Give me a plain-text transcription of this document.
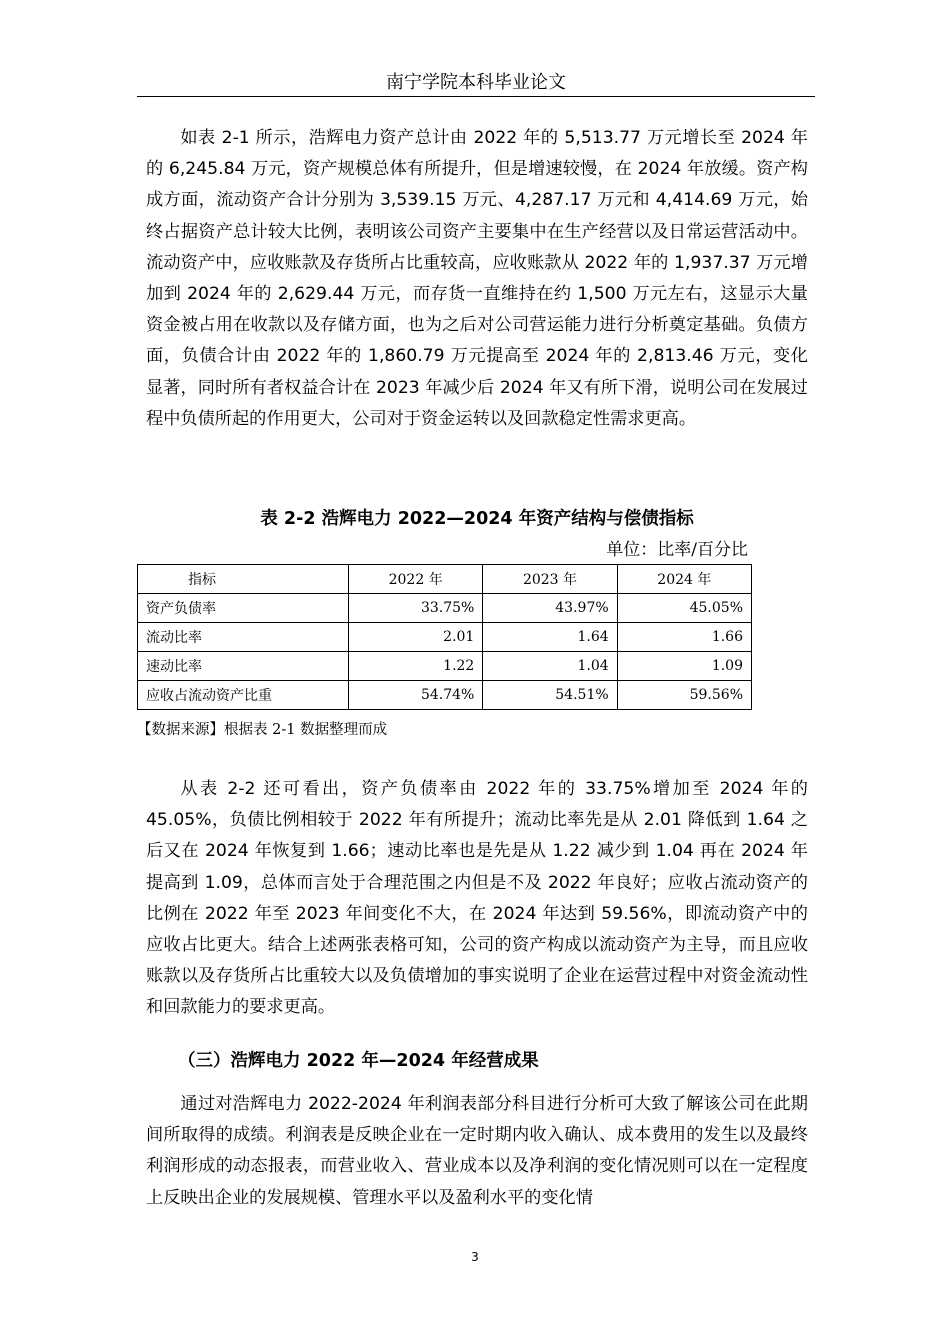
南宁学院本科毕业论文

如表 2-1 所示，浩辉电力资产总计由 2022 年的 5,513.77 万元增长至 2024 年的 6,245.84 万元，资产规模总体有所提升，但是增速较慢，在 2024 年放缓。资产构成方面，流动资产合计分别为 3,539.15 万元、4,287.17 万元和 4,414.69 万元，始终占据资产总计较大比例，表明该公司资产主要集中在生产经营以及日常运营活动中。流动资产中，应收账款及存货所占比重较高，应收账款从 2022 年的 1,937.37 万元增加到 2024 年的 2,629.44 万元，而存货一直维持在约 1,500 万元左右，这显示大量资金被占用在收款以及存储方面，也为之后对公司营运能力进行分析奠定基础。负债方面，负债合计由 2022 年的 1,860.79 万元提高至 2024 年的 2,813.46 万元，变化显著，同时所有者权益合计在 2023 年减少后 2024 年又有所下滑，说明公司在发展过程中负债所起的作用更大，公司对于资金运转以及回款稳定性需求更高。

表 2-2 浩辉电力 2022—2024 年资产结构与偿债指标
单位：比率/百分比
指标	2022 年	2023 年	2024 年
资产负债率	33.75%	43.97%	45.05%
流动比率	2.01	1.64	1.66
速动比率	1.22	1.04	1.09
应收占流动资产比重	54.74%	54.51%	59.56%
【数据来源】根据表 2-1 数据整理而成

从表 2-2 还可看出，资产负债率由 2022 年的 33.75%增加至 2024 年的 45.05%，负债比例相较于 2022 年有所提升；流动比率先是从 2.01 降低到 1.64 之后又在 2024 年恢复到 1.66；速动比率也是先是从 1.22 减少到 1.04 再在 2024 年提高到 1.09，总体而言处于合理范围之内但是不及 2022 年良好；应收占流动资产的比例在 2022 年至 2023 年间变化不大，在 2024 年达到 59.56%，即流动资产中的应收占比更大。结合上述两张表格可知，公司的资产构成以流动资产为主导，而且应收账款以及存货所占比重较大以及负债增加的事实说明了企业在运营过程中对资金流动性和回款能力的要求更高。

（三）浩辉电力 2022 年—2024 年经营成果

通过对浩辉电力 2022-2024 年利润表部分科目进行分析可大致了解该公司在此期间所取得的成绩。利润表是反映企业在一定时期内收入确认、成本费用的发生以及最终利润形成的动态报表，而营业收入、营业成本以及净利润的变化情况则可以在一定程度上反映出企业的发展规模、管理水平以及盈利水平的变化情

3
